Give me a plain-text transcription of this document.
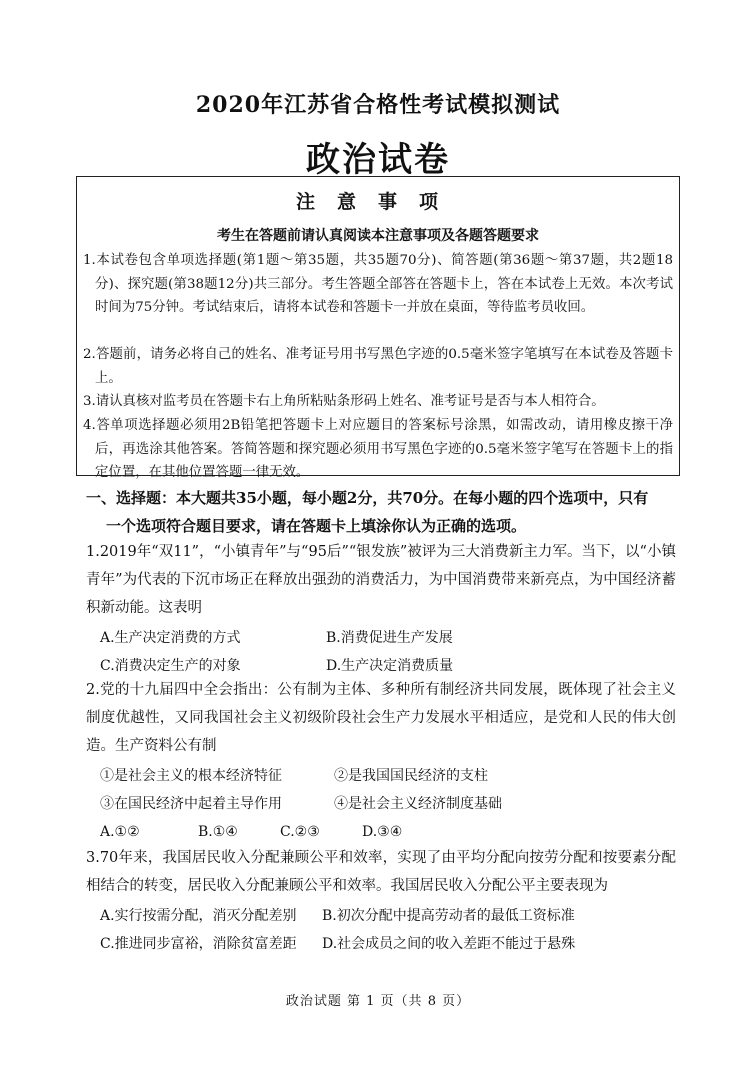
2020年江苏省合格性考试模拟测试
政治试卷
注意事项
考生在答题前请认真阅读本注意事项及各题答题要求
1.本试卷包含单项选择题(第1题～第35题，共35题70分)、简答题(第36题～第37题，共2题18分)、探究题(第38题12分)共三部分。考生答题全部答在答题卡上，答在本试卷上无效。本次考试时间为75分钟。考试结束后，请将本试卷和答题卡一并放在桌面，等待监考员收回。
2.答题前，请务必将自己的姓名、准考证号用书写黑色字迹的0.5毫米签字笔填写在本试卷及答题卡上。
3.请认真核对监考员在答题卡右上角所粘贴条形码上姓名、准考证号是否与本人相符合。
4.答单项选择题必须用2B铅笔把答题卡上对应题目的答案标号涂黑，如需改动，请用橡皮擦干净后，再选涂其他答案。答简答题和探究题必须用书写黑色字迹的0.5毫米签字笔写在答题卡上的指定位置，在其他位置答题一律无效。
一、选择题：本大题共35小题，每小题2分，共70分。在每小题的四个选项中，只有
一个选项符合题目要求，请在答题卡上填涂你认为正确的选项。
1.2019年“双11”，“小镇青年”与“95后”“银发族”被评为三大消费新主力军。当下，以“小镇青年”为代表的下沉市场正在释放出强劲的消费活力，为中国消费带来新亮点，为中国经济蓄积新动能。这表明
A.生产决定消费的方式	B.消费促进生产发展
C.消费决定生产的对象	D.生产决定消费质量
2.党的十九届四中全会指出：公有制为主体、多种所有制经济共同发展，既体现了社会主义制度优越性，又同我国社会主义初级阶段社会生产力发展水平相适应，是党和人民的伟大创造。生产资料公有制
①是社会主义的根本经济特征	②是我国国民经济的支柱
③在国民经济中起着主导作用	④是社会主义经济制度基础
A.①②	B.①④	C.②③	D.③④
3.70年来，我国居民收入分配兼顾公平和效率，实现了由平均分配向按劳分配和按要素分配相结合的转变，居民收入分配兼顾公平和效率。我国居民收入分配公平主要表现为
A.实行按需分配，消灭分配差别 B.初次分配中提高劳动者的最低工资标准
C.推进同步富裕，消除贫富差距 D.社会成员之间的收入差距不能过于悬殊
政治试题 第 1 页（共 8 页）
